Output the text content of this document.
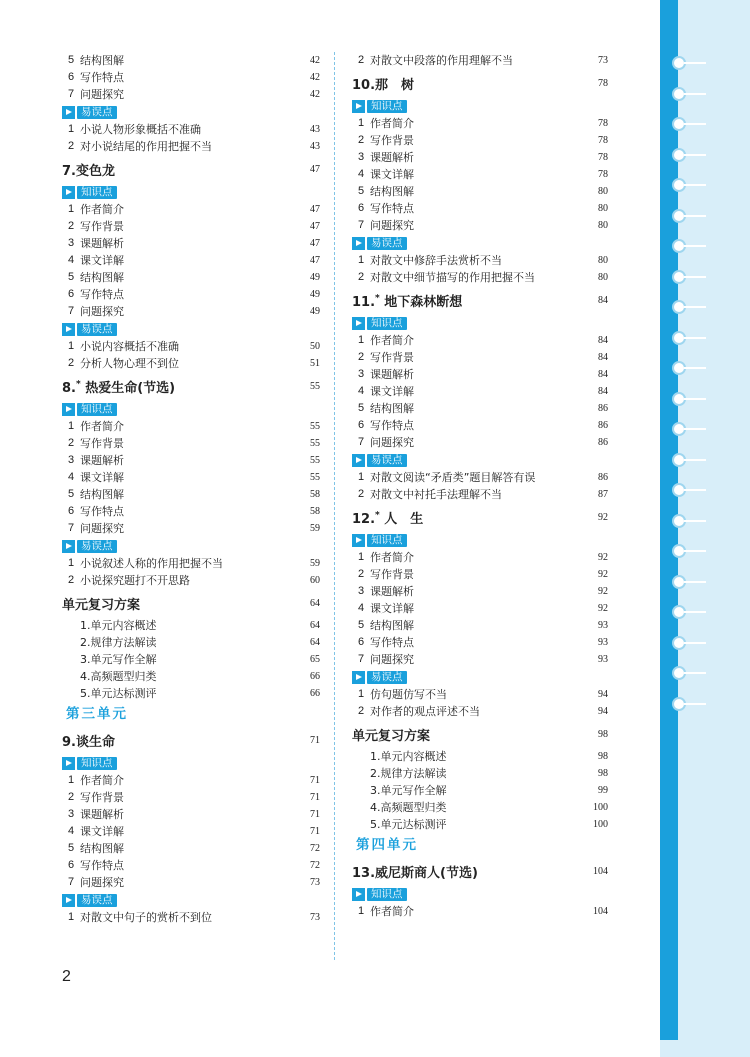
5 结构图解	42
6 写作特点	42
7 问题探究	42
易误点
1 小说人物形象概括不准确	43
2 对小说结尾的作用把握不当	43
7.变色龙	47
知识点
1 作者简介	47
2 写作背景	47
3 课题解析	47
4 课文详解	47
5 结构图解	49
6 写作特点	49
7 问题探究	49
易误点
1 小说内容概括不准确	50
2 分析人物心理不到位	51
8.* 热爱生命(节选)	55
知识点
1 作者简介	55
2 写作背景	55
3 课题解析	55
4 课文详解	55
5 结构图解	58
6 写作特点	58
7 问题探究	59
易误点
1 小说叙述人称的作用把握不当	59
2 小说探究题打不开思路	60
单元复习方案	64
1.单元内容概述	64
2.规律方法解读	64
3.单元写作全解	65
4.高频题型归类	66
5.单元达标测评	66
第三单元
9.谈生命	71
知识点
1 作者简介	71
2 写作背景	71
3 课题解析	71
4 课文详解	71
5 结构图解	72
6 写作特点	72
7 问题探究	73
易误点
1 对散文中句子的赏析不到位	73
2 对散文中段落的作用理解不当	73
10.那　树	78
知识点
1 作者简介	78
2 写作背景	78
3 课题解析	78
4 课文详解	78
5 结构图解	80
6 写作特点	80
7 问题探究	80
易误点
1 对散文中修辞手法赏析不当	80
2 对散文中细节描写的作用把握不当	80
11.* 地下森林断想	84
知识点
1 作者简介	84
2 写作背景	84
3 课题解析	84
4 课文详解	84
5 结构图解	86
6 写作特点	86
7 问题探究	86
易误点
1 对散文阅读“矛盾类”题目解答有误	86
2 对散文中衬托手法理解不当	87
12.* 人　生	92
知识点
1 作者简介	92
2 写作背景	92
3 课题解析	92
4 课文详解	92
5 结构图解	93
6 写作特点	93
7 问题探究	93
易误点
1 仿句题仿写不当	94
2 对作者的观点评述不当	94
单元复习方案	98
1.单元内容概述	98
2.规律方法解读	98
3.单元写作全解	99
4.高频题型归类	100
5.单元达标测评	100
第四单元
13.威尼斯商人(节选)	104
知识点
1 作者简介	104
2
